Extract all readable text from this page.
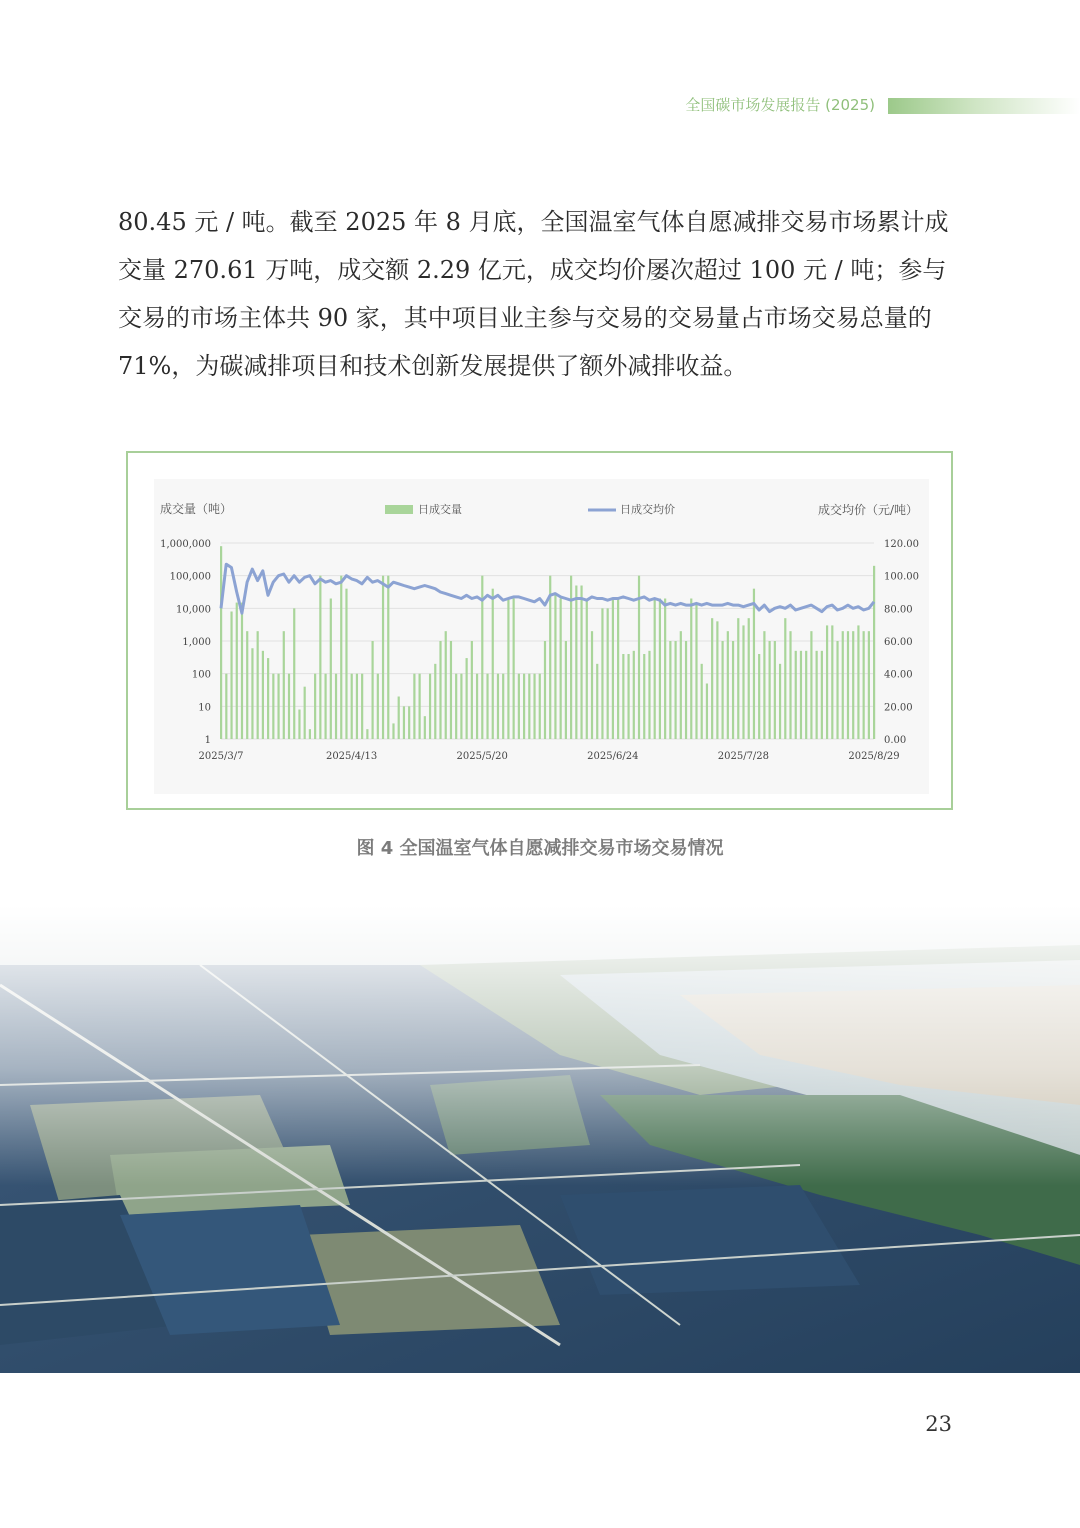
全国碳市场发展报告 (2025)

80.45 元 / 吨。截至 2025 年 8 月底，全国温室气体自愿减排交易市场累计成

交量 270.61 万吨，成交额 2.29 亿元，成交均价屡次超过 100 元 / 吨；参与

交易的市场主体共 90 家，其中项目业主参与交易的交易量占市场交易总量的

71%，为碳减排项目和技术创新发展提供了额外减排收益。

1,000,000	120.00
100,000	100.00
10,000	80.00
1,000	60.00
100	40.00
10	20.00
1	0.00
2025/3/7	2025/4/13	2025/5/20	2025/6/24	2025/7/28	2025/8/29
成交量（吨）	成交均价（元/吨）
日成交量	日成交均价
图 4 全国温室气体自愿减排交易市场交易情况
23
